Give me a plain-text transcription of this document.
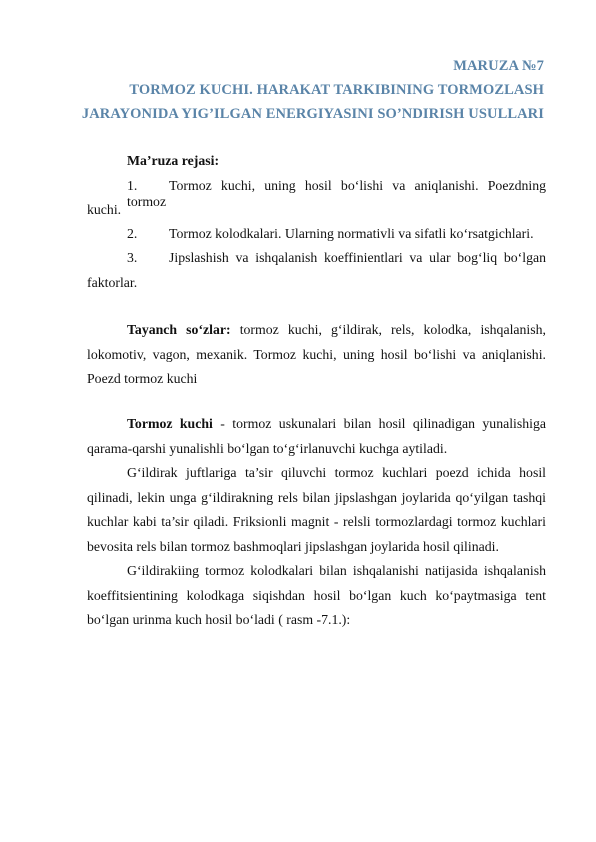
MARUZA №7
TORMOZ KUCHI. HARAKAT TARKIBINING TORMOZLASH
JARAYONIDA YIG’ILGAN ENERGIYASINI SO’NDIRISH USULLARI
Ma’ruza rejasi:
1. Tormoz kuchi, uning hosil bo‘lishi va aniqlanishi. Poezdning tormoz
kuchi.
2. Tormoz kolodkalari. Ularning normativli va sifatli ko‘rsatgichlari.
3. Jipslashish va ishqalanish koeffinientlari va ular bog‘liq bo‘lgan
faktorlar.
Tayanch so‘zlar: tormoz kuchi, g‘ildirak, rels, kolodka, ishqalanish,
lokomotiv, vagon, mexanik. Tormoz kuchi, uning hosil bo‘lishi va aniqlanishi.
Poezd tormoz kuchi
Tormoz kuchi - tormoz uskunalari bilan hosil qilinadigan yunalishiga
qarama-qarshi yunalishli bo‘lgan to‘g‘irlanuvchi kuchga aytiladi.
G‘ildirak juftlariga ta’sir qiluvchi tormoz kuchlari poezd ichida hosil
qilinadi, lekin unga g‘ildirakning rels bilan jipslashgan joylarida qo‘yilgan tashqi
kuchlar kabi ta’sir qiladi. Friksionli magnit - relsli tormozlardagi tormoz kuchlari
bevosita rels bilan tormoz bashmoqlari jipslashgan joylarida hosil qilinadi.
G‘ildirakiing tormoz kolodkalari bilan ishqalanishi natijasida ishqalanish
koeffitsientining kolodkaga siqishdan hosil bo‘lgan kuch ko‘paytmasiga tent
bo‘lgan urinma kuch hosil bo‘ladi ( rasm -7.1.):
